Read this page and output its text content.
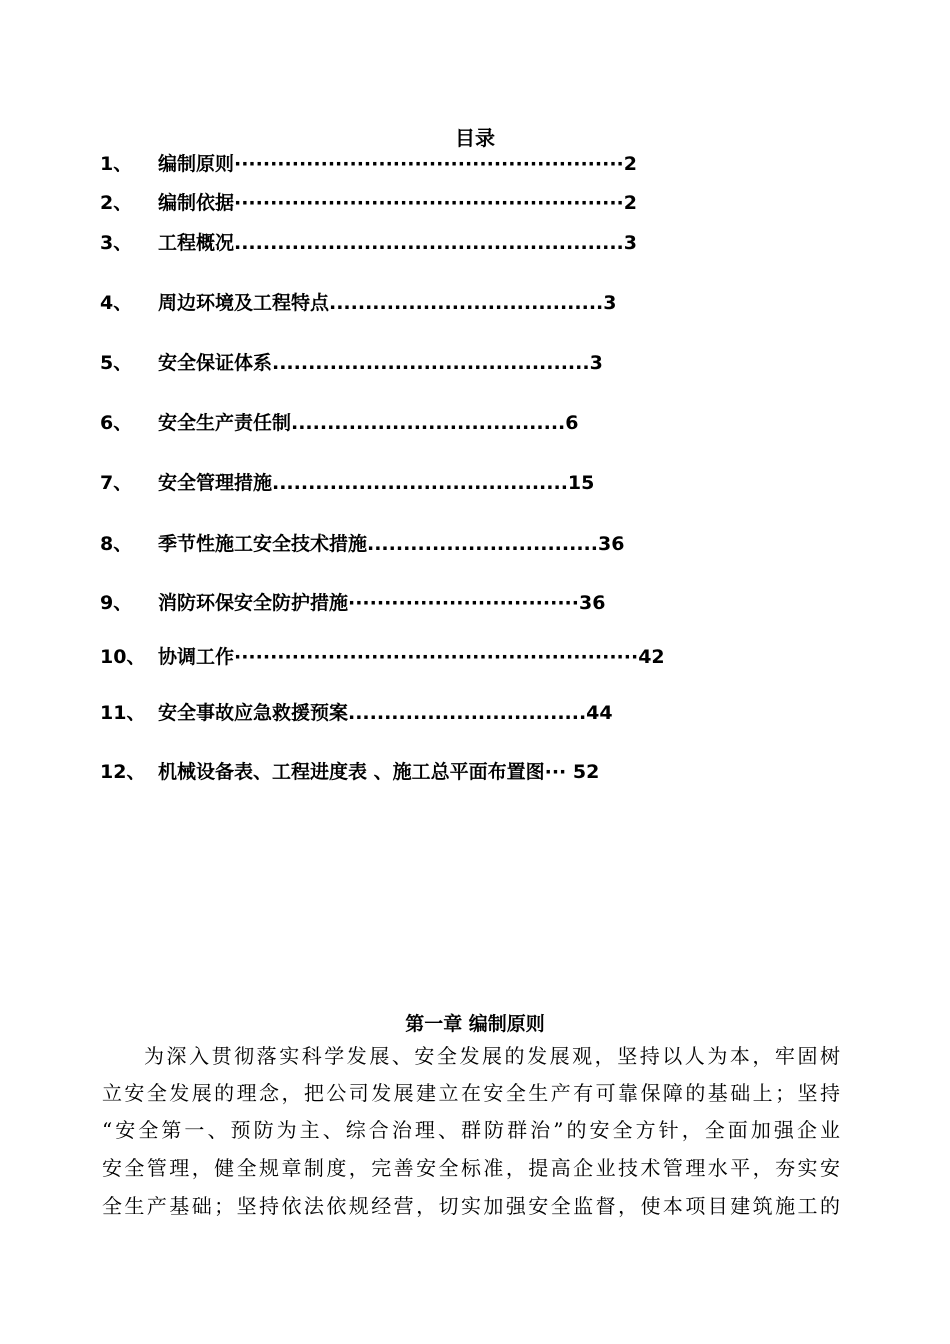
目录
1、	编制原则······················································2
2、	编制依据······················································2
3、	工程概况......................................................3
4、	周边环境及工程特点......................................3
5、	安全保证体系............................................3
6、	安全生产责任制......................................6
7、	安全管理措施.........................................15
8、	季节性施工安全技术措施................................36
9、	消防环保安全防护措施································36
10、 协调工作························································42
11、 安全事故应急救援预案.................................44
12、 机械设备表、工程进度表 、施工总平面布置图··· 52
第一章 编制原则
为深入贯彻落实科学发展、安全发展的发展观，坚持以人为本，牢固树
立安全发展的理念，把公司发展建立在安全生产有可靠保障的基础上；坚持
“安全第一、预防为主、综合治理、群防群治”的安全方针，全面加强企业
安全管理，健全规章制度，完善安全标准，提高企业技术管理水平，夯实安
全生产基础；坚持依法依规经营，切实加强安全监督，使本项目建筑施工的
